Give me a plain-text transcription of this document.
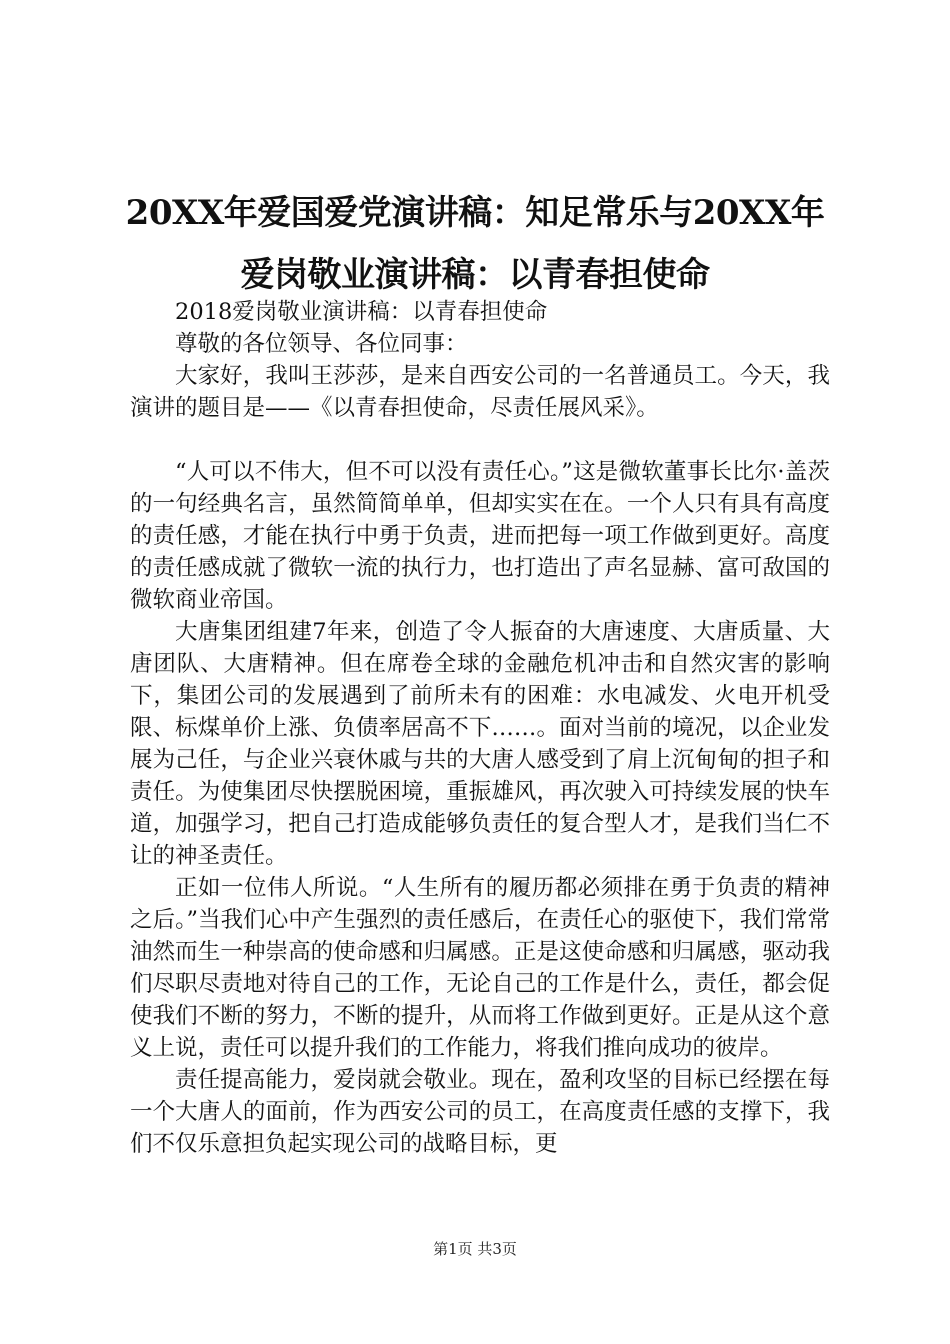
20XX年爱国爱党演讲稿：知足常乐与20XX年
爱岗敬业演讲稿：以青春担使命

2018爱岗敬业演讲稿：以青春担使命

尊敬的各位领导、各位同事：

大家好，我叫王莎莎，是来自西安公司的一名普通员工。今天，我演讲的题目是——《以青春担使命，尽责任展风采》。

“人可以不伟大，但不可以没有责任心。”这是微软董事长比尔·盖茨的一句经典名言，虽然简简单单，但却实实在在。一个人只有具有高度的责任感，才能在执行中勇于负责，进而把每一项工作做到更好。高度的责任感成就了微软一流的执行力，也打造出了声名显赫、富可敌国的微软商业帝国。

大唐集团组建7年来，创造了令人振奋的大唐速度、大唐质量、大唐团队、大唐精神。但在席卷全球的金融危机冲击和自然灾害的影响下，集团公司的发展遇到了前所未有的困难：水电减发、火电开机受限、标煤单价上涨、负债率居高不下……。面对当前的境况，以企业发展为己任，与企业兴衰休戚与共的大唐人感受到了肩上沉甸甸的担子和责任。为使集团尽快摆脱困境，重振雄风，再次驶入可持续发展的快车道，加强学习，把自己打造成能够负责任的复合型人才，是我们当仁不让的神圣责任。

正如一位伟人所说。“人生所有的履历都必须排在勇于负责的精神之后。”当我们心中产生强烈的责任感后，在责任心的驱使下，我们常常油然而生一种崇高的使命感和归属感。正是这使命感和归属感，驱动我们尽职尽责地对待自己的工作，无论自己的工作是什么，责任，都会促使我们不断的努力，不断的提升，从而将工作做到更好。正是从这个意义上说，责任可以提升我们的工作能力，将我们推向成功的彼岸。

责任提高能力，爱岗就会敬业。现在，盈利攻坚的目标已经摆在每一个大唐人的面前，作为西安公司的员工，在高度责任感的支撑下，我们不仅乐意担负起实现公司的战略目标，更

第1页 共3页
